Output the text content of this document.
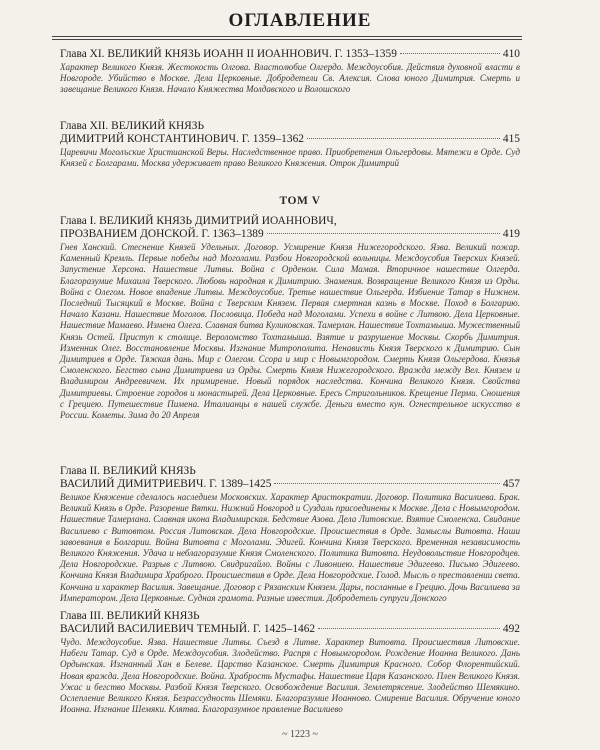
ОГЛАВЛЕНИЕ
Глава XI. ВЕЛИКИЙ КНЯЗЬ ИОАНН II ИОАННОВИЧ. Г. 1353–1359	410
Характер Великого Князя. Жестокость Олгова. Властолюбие Олгердо. Междоусобия. Действия духовной власти в Новгороде. Убийство в Москве. Дела Церковные. Добродетели Св. Алексия. Слова юного Димитрия. Смерть и завещание Великого Князя. Начало Княжества Молдавского и Волошского
Глава XII. ВЕЛИКИЙ КНЯЗЬ
ДИМИТРИЙ КОНСТАНТИНОВИЧ. Г. 1359–1362	415
Царевичи Моголъские Христианской Веры. Наследственное право. Приобретения Ольгердовы. Мятежи в Орде. Суд Князей с Болгарами. Москва удерживает право Великого Княжения. Отрок Димитрий
ТОМ V
Глава I. ВЕЛИКИЙ КНЯЗЬ ДИМИТРИЙ ИОАННОВИЧ,
ПРОЗВАНИЕМ ДОНСКОЙ. Г. 1363–1389	419
Гнев Ханский. Стеснение Князей Удельных. Договор. Усмирение Князя Нижегородского. Язва. Великий пожар. Каменный Кремль. Первые победы над Моголами. Разбои Новгородской вольницы. Междоусобия Тверских Князей. Запустение Херсона. Нашествие Литвы. Война с Орденом. Сила Мамая. Вторичное нашествие Олгерда. Благоразумие Михаила Тверского. Любовь народная к Димитрию. Знамения. Возвращение Великого Князя из Орды. Война с Олегом. Новое впадение Литвы. Междоусобие. Третье нашествие Ольгерда. Избиение Татар в Нижнем. Последний Тысяцкий в Москве. Война с Тверским Князем. Первая смертная казнь в Москве. Поход в Болгарию. Начало Казани. Нашествие Моголов. Пословица. Победа над Моголами. Успехи в войне с Литвою. Дела Церковные. Нашествие Мамаево. Измена Олега. Славная битва Куликовская. Тамерлан. Нашествие Тохтамыша. Мужественный Князь Остей. Приступ к столице. Вероломство Тохтамыша. Взятие и разрушение Москвы. Скорбь Димитрия. Изменник Олег. Восстановление Москвы. Изгнание Митрополита. Ненависть Князя Тверского к Димитрию. Сын Димитриев в Орде. Тяжкая дань. Мир с Олегом. Ссора и мир с Новымгородом. Смерть Князя Ольгердова. Князья Смоленского. Бегство сына Димитриева из Орды. Смерть Князя Нижегородского. Вражда между Вел. Князем и Владимиром Андреевичем. Их примирение. Новый порядок наследства. Кончина Великого Князя. Свойства Димитриевы. Строение городов и монастырей. Дела Церковные. Ересь Стригольников. Крещение Перми. Сношения с Грециею. Путешествие Пимена. Италианцы в нашей службе. Деньги вместо кун. Огнестрельное искусство в России. Кометы. Зима до 20 Апреля
Глава II. ВЕЛИКИЙ КНЯЗЬ
ВАСИЛИЙ ДИМИТРИЕВИЧ. Г. 1389–1425	457
Великое Княжение сделалось наследием Московских. Характер Аристократии. Договор. Политика Василиева. Брак. Великий Князь в Орде. Разорение Вятки. Нижний Новгород и Суздаль присоединены к Москве. Дела с Новымгородом. Нашествие Тамерлана. Славная икона Владимирская. Бедствие Азова. Дела Литовские. Взятие Смоленска. Свидание Василиево с Витовтом. Россия Литовская. Дела Новгородские. Происшествия в Орде. Замыслы Витовта. Наши завоевания в Болгарии. Война Витовта с Моголами. Эдигей. Кончина Князя Тверского. Временная независимость Великого Княжения. Удача и неблагоразумие Князя Смоленского. Политика Витовта. Неудовольствие Новгородцев. Дела Новгородские. Разрыв с Литвою. Свидригайло. Войны с Ливониею. Нашествие Эдигеево. Письмо Эдигеево. Кончина Князя Владимира Храброго. Происшествия в Орде. Дела Новгородские. Голод. Мысль о преставлении света. Кончина и характер Василия. Завещание. Договор с Рязанским Князем. Дары, посланные в Грецию. Дочь Василиева за Императором. Дела Церковные. Судная грамота. Разные известия. Добродетель супруги Донского
Глава III. ВЕЛИКИЙ КНЯЗЬ
ВАСИЛИЙ ВАСИЛИЕВИЧ ТЕМНЫЙ. Г. 1425–1462	492
Чудо. Междоусобие. Язва. Нашествие Литвы. Съезд в Литве. Характер Витовта. Происшествия Литовские. Набеги Татар. Суд в Орде. Междоусобия. Злодейство. Распря с Новымгородом. Рождение Иоанна Великого. Дань Ордынская. Изгнанный Хан в Белеве. Царство Казанское. Смерть Димитрия Красного. Собор Флорентийский. Новая вражда. Дела Новгородские. Война. Храбрость Мустафы. Нашествие Царя Казанского. Плен Великого Князя. Ужас и бегство Москвы. Разбой Князя Тверского. Освобождение Василия. Землетрясение. Злодейство Шемякино. Ослепление Великого Князя. Безрассудность Шемяки. Благоразумие Иоанново. Смирение Василия. Обручение юного Иоанна. Изгнание Шемяки. Клятва. Благоразумное правление Василиево
~ 1223 ~
